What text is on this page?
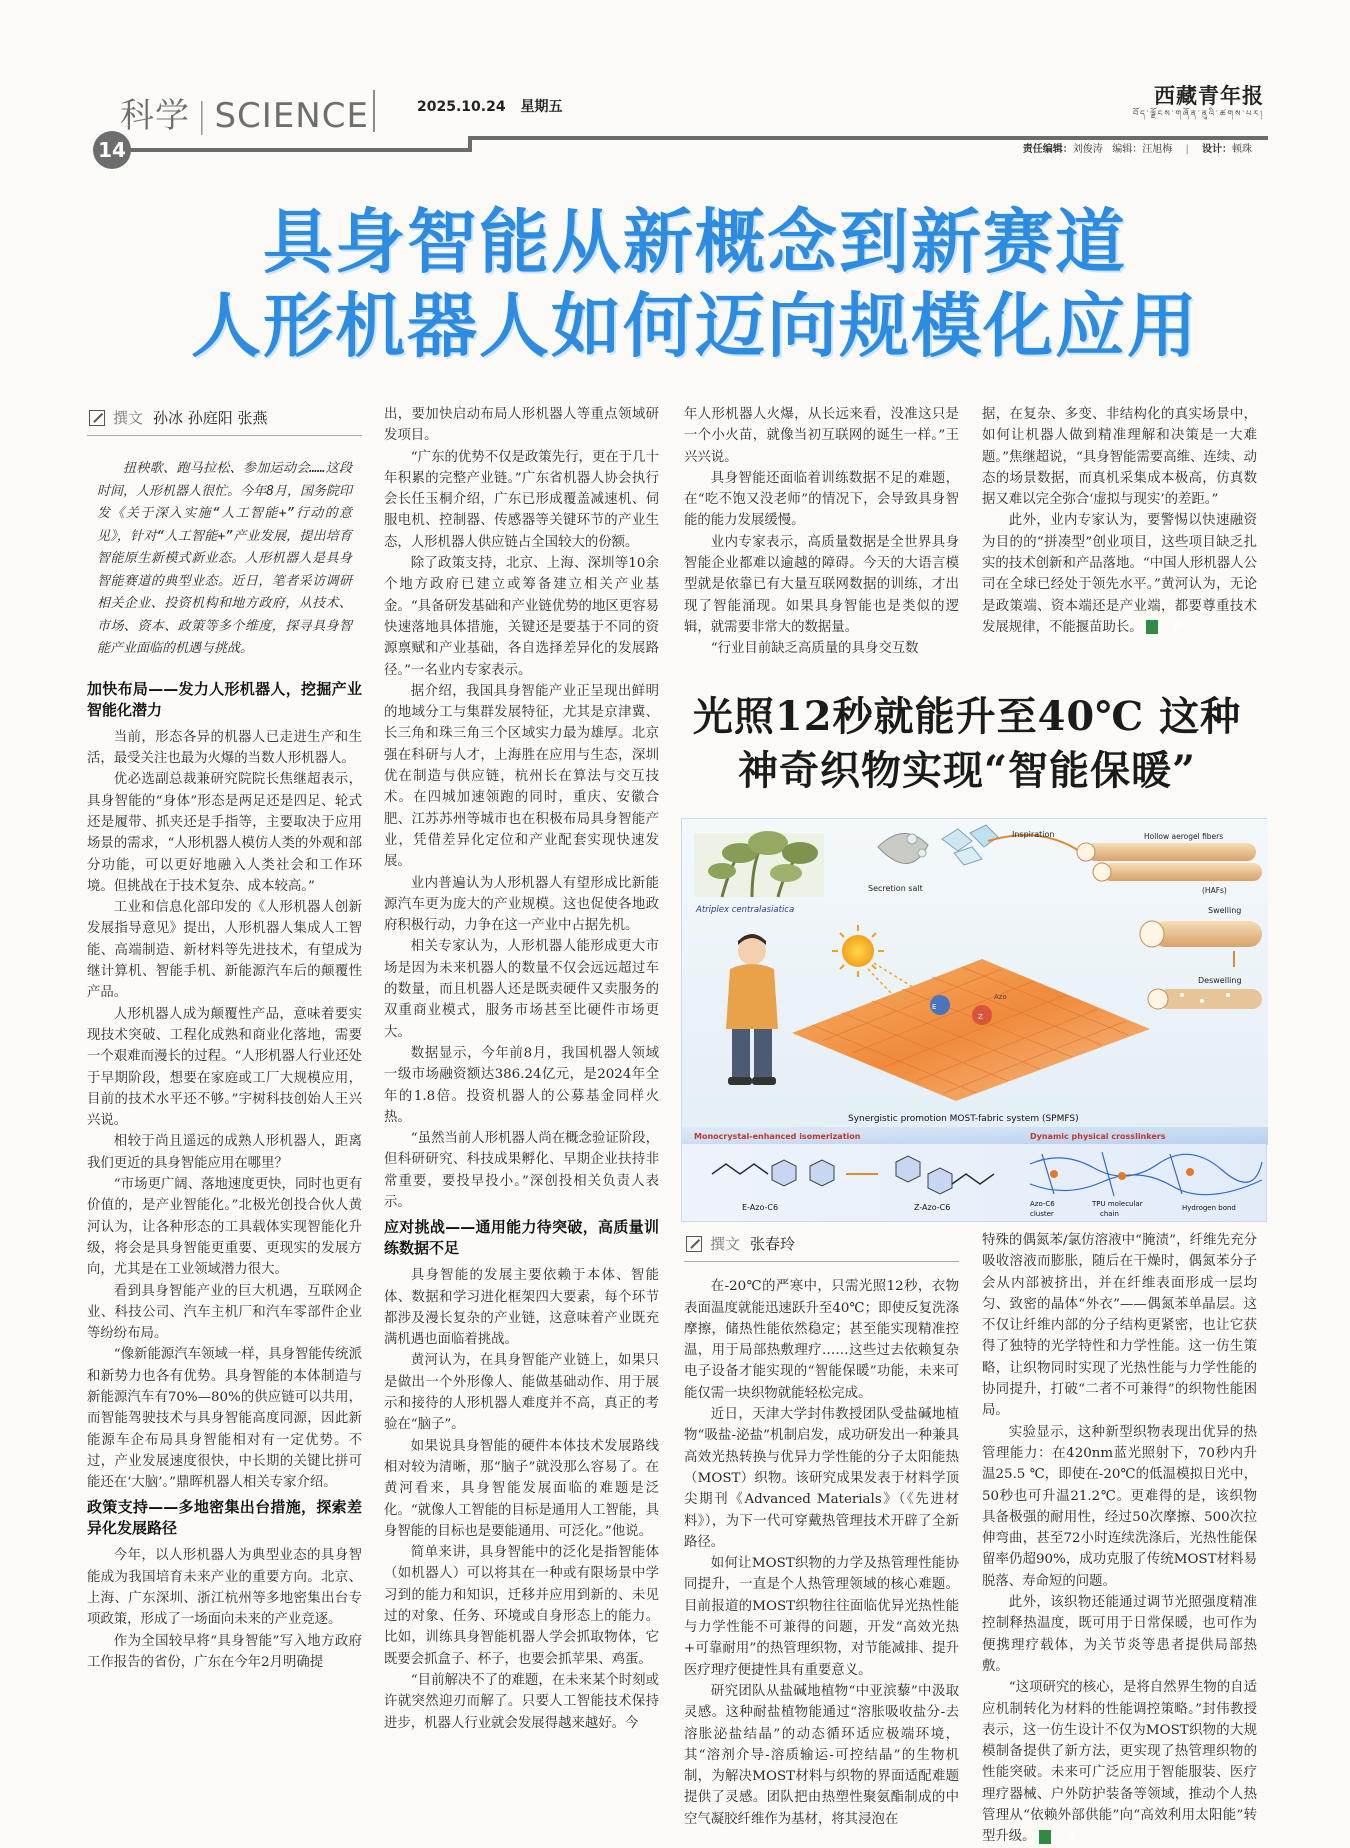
科学 | SCIENCE
14
2025.10.24 星期五	西藏青年报
བོད་ལྗོངས་གཞོན་ནུའི་ཚགས་པར།
责任编辑：刘俊涛 编辑：汪旭梅 | 设计：顿珠
具身智能从新概念到新赛道
人形机器人如何迈向规模化应用
撰文 孙冰 孙庭阳 张燕

扭秧歌、跑马拉松、参加运动会……这段时间，人形机器人很忙。今年8月，国务院印发《关于深入实施“人工智能+”行动的意见》，针对“人工智能+”产业发展，提出培育智能原生新模式新业态。人形机器人是具身智能赛道的典型业态。近日，笔者采访调研相关企业、投资机构和地方政府，从技术、市场、资本、政策等多个维度，探寻具身智能产业面临的机遇与挑战。

加快布局——发力人形机器人，挖掘产业智能化潜力

当前，形态各异的机器人已走进生产和生活，最受关注也最为火爆的当数人形机器人。

优必选副总裁兼研究院院长焦继超表示，具身智能的“身体”形态是两足还是四足、轮式还是履带、抓夹还是手指等，主要取决于应用场景的需求，“人形机器人模仿人类的外观和部分功能，可以更好地融入人类社会和工作环境。但挑战在于技术复杂、成本较高。”

工业和信息化部印发的《人形机器人创新发展指导意见》提出，人形机器人集成人工智能、高端制造、新材料等先进技术，有望成为继计算机、智能手机、新能源汽车后的颠覆性产品。

人形机器人成为颠覆性产品，意味着要实现技术突破、工程化成熟和商业化落地，需要一个艰难而漫长的过程。“人形机器人行业还处于早期阶段，想要在家庭或工厂大规模应用，目前的技术水平还不够。”宇树科技创始人王兴兴说。

相较于尚且遥远的成熟人形机器人，距离我们更近的具身智能应用在哪里？

“市场更广阔、落地速度更快，同时也更有价值的，是产业智能化。”北极光创投合伙人黄河认为，让各种形态的工具载体实现智能化升级，将会是具身智能更重要、更现实的发展方向，尤其是在工业领域潜力很大。

看到具身智能产业的巨大机遇，互联网企业、科技公司、汽车主机厂和汽车零部件企业等纷纷布局。

“像新能源汽车领域一样，具身智能传统派和新势力也各有优势。具身智能的本体制造与新能源汽车有70%—80%的供应链可以共用，而智能驾驶技术与具身智能高度同源，因此新能源车企布局具身智能相对有一定优势。不过，产业发展速度很快，中长期的关键比拼可能还在‘大脑’。”鼎晖机器人相关专家介绍。

政策支持——多地密集出台措施，探索差异化发展路径

今年，以人形机器人为典型业态的具身智能成为我国培育未来产业的重要方向。北京、上海、广东深圳、浙江杭州等多地密集出台专项政策，形成了一场面向未来的产业竞逐。

作为全国较早将“具身智能”写入地方政府工作报告的省份，广东在今年2月明确提

出，要加快启动布局人形机器人等重点领域研发项目。

“广东的优势不仅是政策先行，更在于几十年积累的完整产业链。”广东省机器人协会执行会长任玉桐介绍，广东已形成覆盖减速机、伺服电机、控制器、传感器等关键环节的产业生态，人形机器人供应链占全国较大的份额。

除了政策支持，北京、上海、深圳等10余个地方政府已建立或筹备建立相关产业基金。“具备研发基础和产业链优势的地区更容易快速落地具体措施，关键还是要基于不同的资源禀赋和产业基础，各自选择差异化的发展路径。”一名业内专家表示。

据介绍，我国具身智能产业正呈现出鲜明的地域分工与集群发展特征，尤其是京津冀、长三角和珠三角三个区域实力最为雄厚。北京强在科研与人才，上海胜在应用与生态，深圳优在制造与供应链，杭州长在算法与交互技术。在四城加速领跑的同时，重庆、安徽合肥、江苏苏州等城市也在积极布局具身智能产业，凭借差异化定位和产业配套实现快速发展。

业内普遍认为人形机器人有望形成比新能源汽车更为庞大的产业规模。这也促使各地政府积极行动，力争在这一产业中占据先机。

相关专家认为，人形机器人能形成更大市场是因为未来机器人的数量不仅会远远超过车的数量，而且机器人还是既卖硬件又卖服务的双重商业模式，服务市场甚至比硬件市场更大。

数据显示，今年前8月，我国机器人领域一级市场融资额达386.24亿元，是2024年全年的1.8倍。投资机器人的公募基金同样火热。

“虽然当前人形机器人尚在概念验证阶段，但科研研究、科技成果孵化、早期企业扶持非常重要，要投早投小。”深创投相关负责人表示。

应对挑战——通用能力待突破，高质量训练数据不足

具身智能的发展主要依赖于本体、智能体、数据和学习进化框架四大要素，每个环节都涉及漫长复杂的产业链，这意味着产业既充满机遇也面临着挑战。

黄河认为，在具身智能产业链上，如果只是做出一个外形像人、能做基础动作、用于展示和接待的人形机器人难度并不高，真正的考验在“脑子”。

如果说具身智能的硬件本体技术发展路线相对较为清晰，那“脑子”就没那么容易了。在黄河看来，具身智能发展面临的难题是泛化。“就像人工智能的目标是通用人工智能，具身智能的目标也是要能通用、可泛化。”他说。

简单来讲，具身智能中的泛化是指智能体（如机器人）可以将其在一种或有限场景中学习到的能力和知识，迁移并应用到新的、未见过的对象、任务、环境或自身形态上的能力。比如，训练具身智能机器人学会抓取物体，它既要会抓盒子、杯子，也要会抓苹果、鸡蛋。

“目前解决不了的难题，在未来某个时刻或许就突然迎刃而解了。只要人工智能技术保持进步，机器人行业就会发展得越来越好。今

年人形机器人火爆，从长远来看，没准这只是一个小火苗，就像当初互联网的诞生一样。”王兴兴说。

具身智能还面临着训练数据不足的难题，在“吃不饱又没老师”的情况下，会导致具身智能的能力发展缓慢。

业内专家表示，高质量数据是全世界具身智能企业都难以逾越的障碍。今天的大语言模型就是依靠已有大量互联网数据的训练，才出现了智能涌现。如果具身智能也是类似的逻辑，就需要非常大的数据量。

“行业目前缺乏高质量的具身交互数

据，在复杂、多变、非结构化的真实场景中，如何让机器人做到精准理解和决策是一大难题。”焦继超说，“具身智能需要高维、连续、动态的场景数据，而真机采集成本极高，仿真数据又难以完全弥合‘虚拟与现实’的差距。”

此外，业内专家认为，要警惕以快速融资为目的的“拼凑型”创业项目，这些项目缺乏扎实的技术创新和产品落地。“中国人形机器人公司在全球已经处于领先水平。”黄河认为，无论是政策端、资本端还是产业端，都要尊重技术发展规律，不能揠苗助长。	青

光照12秒就能升至40℃ 这种
神奇织物实现“智能保暖”
Atriplex centralasiatica
Secretion salt
Inspiration	Hollow aerogel fibers
(HAFs)
Swelling
Deswelling
E
Z
Azo
Synergistic promotion MOST-fabric system (SPMFS)
Monocrystal-enhanced isomerization	Dynamic physical crosslinkers
E-Azo-C6	Z-Azo-C6	Azo-C6
cluster
TPU molecular
chain
Hydrogen bond
撰文 张春玲

在-20℃的严寒中，只需光照12秒，衣物表面温度就能迅速跃升至40℃；即使反复洗涤摩擦，储热性能依然稳定；甚至能实现精准控温，用于局部热敷理疗……这些过去依赖复杂电子设备才能实现的“智能保暖”功能，未来可能仅需一块织物就能轻松完成。

近日，天津大学封伟教授团队受盐碱地植物“吸盐-泌盐”机制启发，成功研发出一种兼具高效光热转换与优异力学性能的分子太阳能热（MOST）织物。该研究成果发表于材料学顶尖期刊《Advanced Materials》（《先进材料》），为下一代可穿戴热管理技术开辟了全新路径。

如何让MOST织物的力学及热管理性能协同提升，一直是个人热管理领域的核心难题。目前报道的MOST织物往往面临优异光热性能与力学性能不可兼得的问题，开发“高效光热+可靠耐用”的热管理织物，对节能减排、提升医疗理疗便捷性具有重要意义。

研究团队从盐碱地植物“中亚滨藜”中汲取灵感。这种耐盐植物能通过“溶胀吸收盐分-去溶胀泌盐结晶”的动态循环适应极端环境，其“溶剂介导-溶质输运-可控结晶”的生物机制，为解决MOST材料与织物的界面适配难题提供了灵感。团队把由热塑性聚氨酯制成的中空气凝胶纤维作为基材，将其浸泡在

特殊的偶氮苯/氯仿溶液中“腌渍”，纤维先充分吸收溶液而膨胀，随后在干燥时，偶氮苯分子会从内部被挤出，并在纤维表面形成一层均匀、致密的晶体“外衣”——偶氮苯单晶层。这不仅让纤维内部的分子结构更紧密，也让它获得了独特的光学特性和力学性能。这一仿生策略，让织物同时实现了光热性能与力学性能的协同提升，打破“二者不可兼得”的织物性能困局。

实验显示，这种新型织物表现出优异的热管理能力：在420nm蓝光照射下，70秒内升温25.5 ℃，即使在-20℃的低温模拟日光中，50秒也可升温21.2℃。更难得的是，该织物具备极强的耐用性，经过50次摩擦、500次拉伸弯曲，甚至72小时连续洗涤后，光热性能保留率仍超90%，成功克服了传统MOST材料易脱落、寿命短的问题。

此外，该织物还能通过调节光照强度精准控制释热温度，既可用于日常保暖，也可作为便携理疗载体，为关节炎等患者提供局部热敷。

“这项研究的核心，是将自然界生物的自适应机制转化为材料的性能调控策略。”封伟教授表示，这一仿生设计不仅为MOST织物的大规模制备提供了新方法，更实现了热管理织物的性能突破。未来可广泛应用于智能服装、医疗理疗器械、户外防护装备等领域，推动个人热管理从“依赖外部供能”向“高效利用太阳能”转型升级。	青
